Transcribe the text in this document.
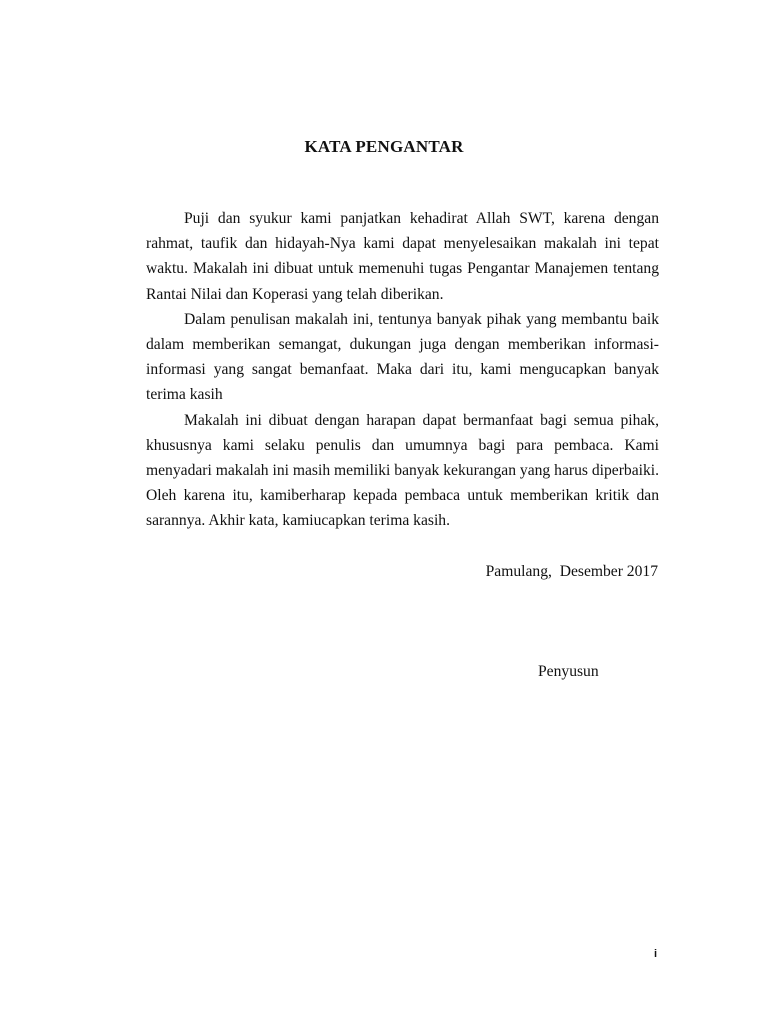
KATA PENGANTAR

Puji dan syukur kami panjatkan kehadirat Allah SWT, karena dengan rahmat, taufik dan hidayah-Nya kami dapat menyelesaikan makalah ini tepat waktu. Makalah ini dibuat untuk memenuhi tugas Pengantar Manajemen tentang Rantai Nilai dan Koperasi yang telah diberikan.

Dalam penulisan makalah ini, tentunya banyak pihak yang membantu baik dalam memberikan semangat, dukungan juga dengan memberikan informasi-informasi yang sangat bemanfaat. Maka dari itu, kami mengucapkan banyak terima kasih

Makalah ini dibuat dengan harapan dapat bermanfaat bagi semua pihak, khususnya kami selaku penulis dan umumnya bagi para pembaca. Kami menyadari makalah ini masih memiliki banyak kekurangan yang harus diperbaiki. Oleh karena itu, kamiberharap kepada pembaca untuk memberikan kritik dan sarannya. Akhir kata, kamiucapkan terima kasih.

Pamulang,  Desember 2017

Penyusun

i
